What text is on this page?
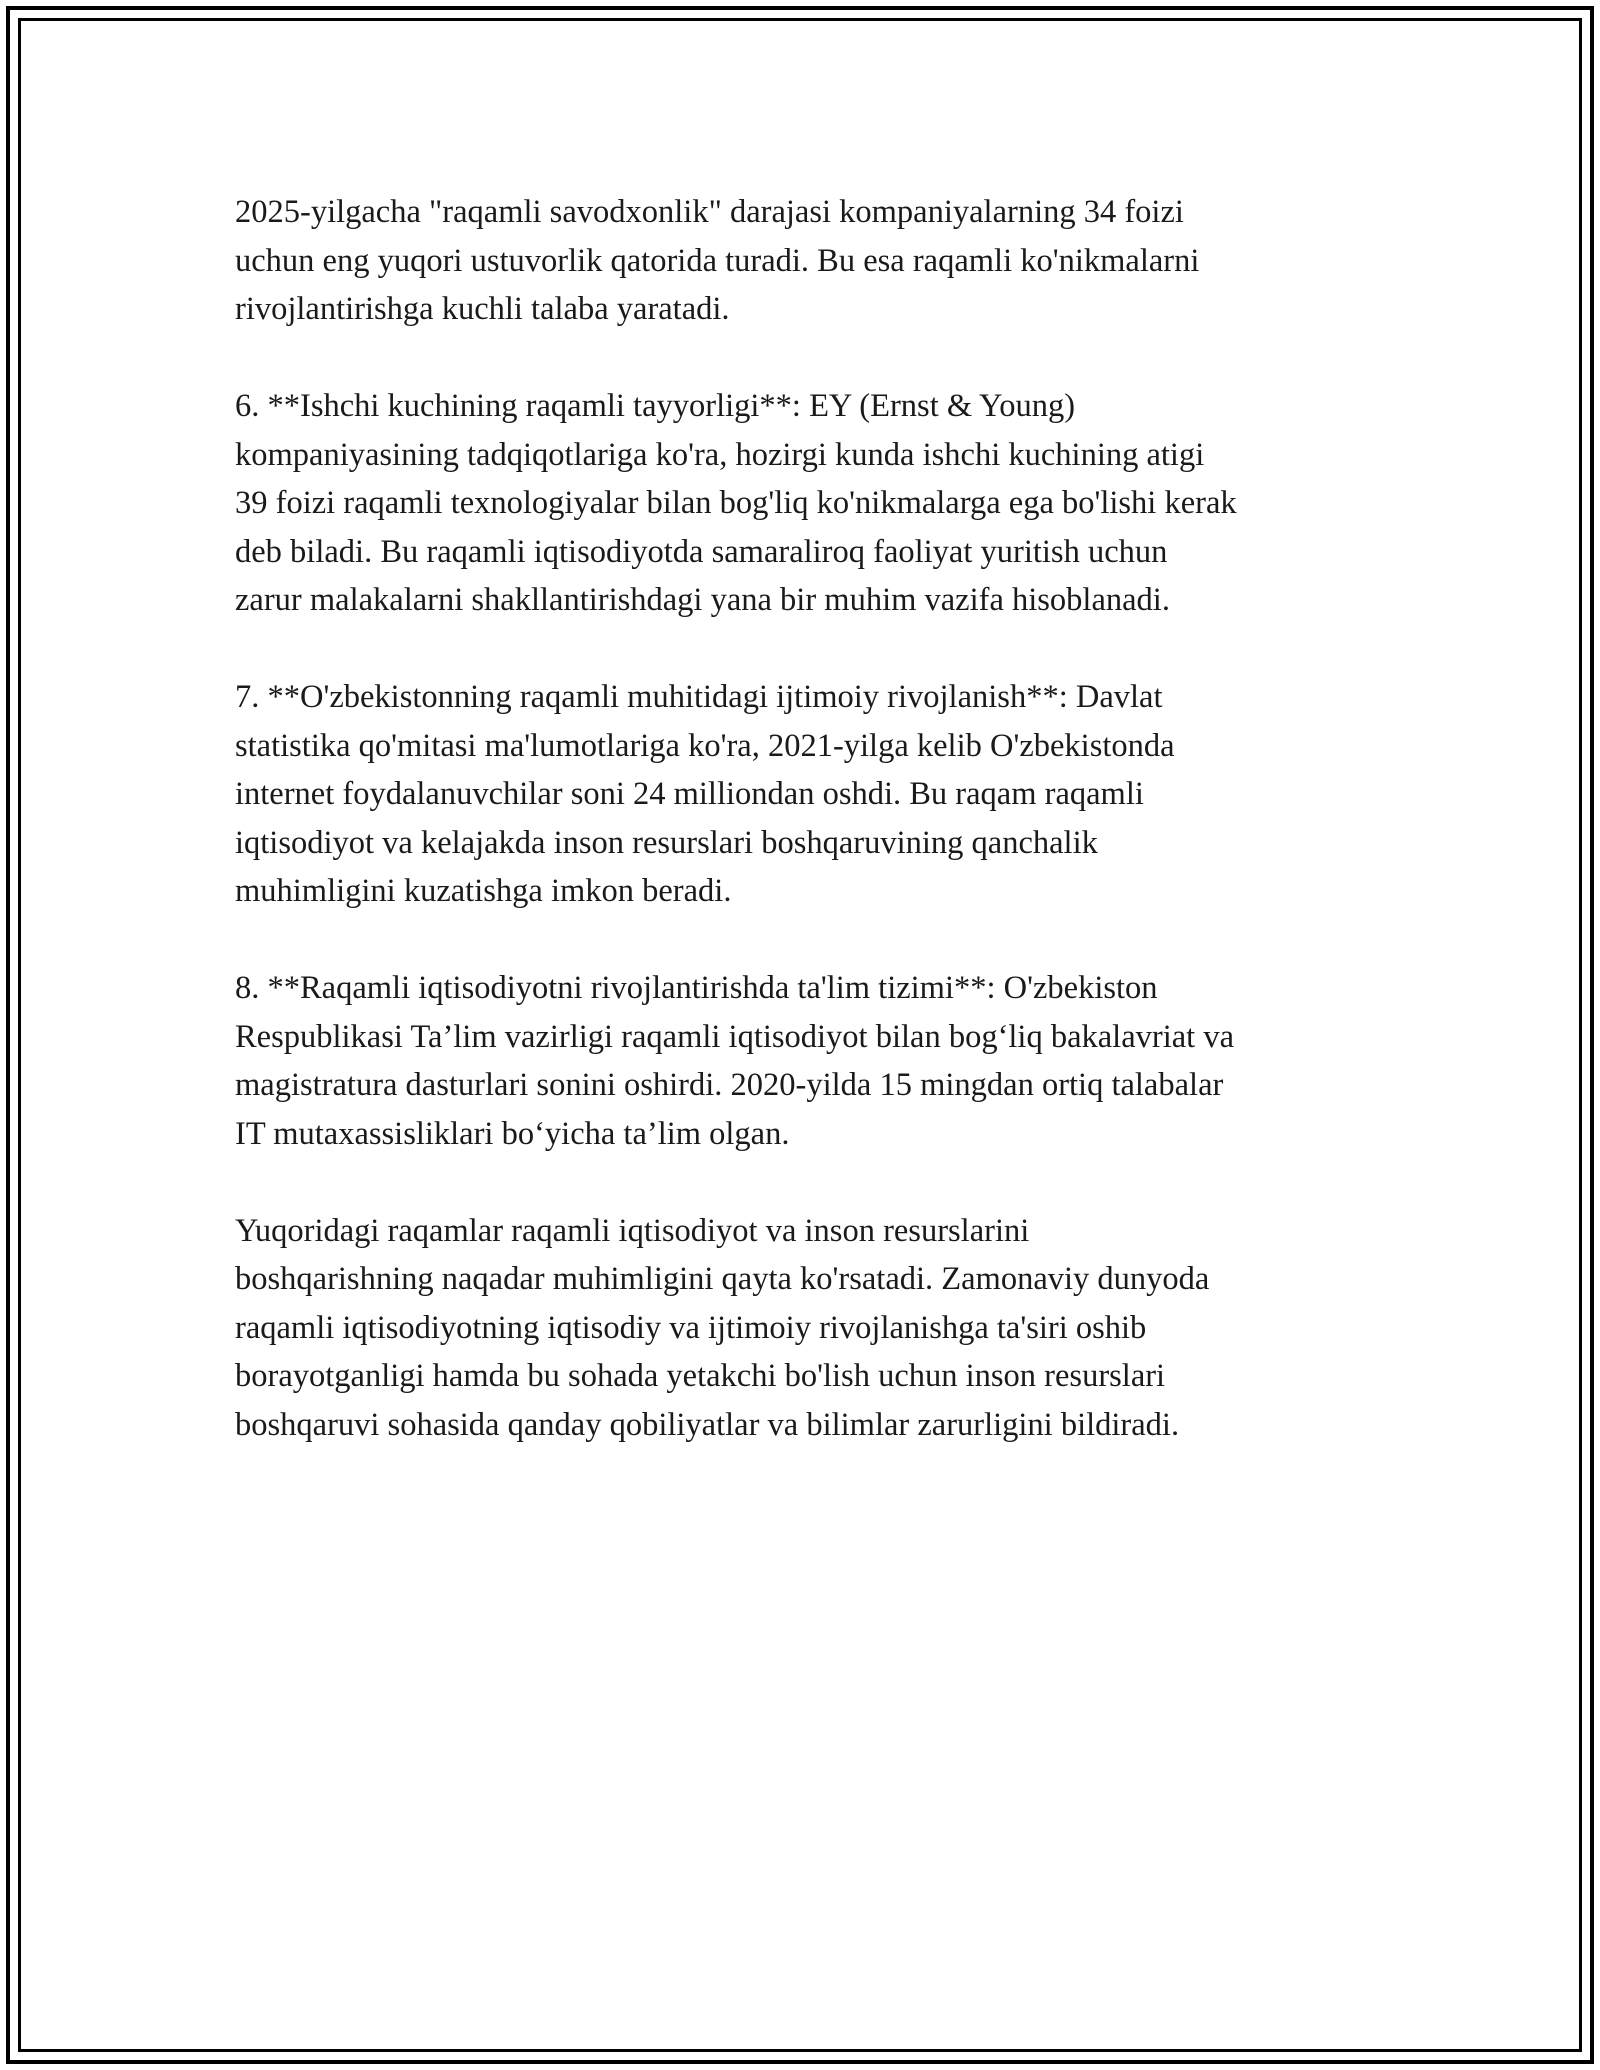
2025-yilgacha "raqamli savodxonlik" darajasi kompaniyalarning 34 foizi
uchun eng yuqori ustuvorlik qatorida turadi. Bu esa raqamli ko'nikmalarni
rivojlantirishga kuchli talaba yaratadi.

6. **Ishchi kuchining raqamli tayyorligi**: EY (Ernst & Young)
kompaniyasining tadqiqotlariga ko'ra, hozirgi kunda ishchi kuchining atigi
39 foizi raqamli texnologiyalar bilan bog'liq ko'nikmalarga ega bo'lishi kerak
deb biladi. Bu raqamli iqtisodiyotda samaraliroq faoliyat yuritish uchun
zarur malakalarni shakllantirishdagi yana bir muhim vazifa hisoblanadi.

7. **O'zbekistonning raqamli muhitidagi ijtimoiy rivojlanish**: Davlat
statistika qo'mitasi ma'lumotlariga ko'ra, 2021-yilga kelib O'zbekistonda
internet foydalanuvchilar soni 24 milliondan oshdi. Bu raqam raqamli
iqtisodiyot va kelajakda inson resurslari boshqaruvining qanchalik
muhimligini kuzatishga imkon beradi.

8. **Raqamli iqtisodiyotni rivojlantirishda ta'lim tizimi**: O'zbekiston
Respublikasi Ta’lim vazirligi raqamli iqtisodiyot bilan bog‘liq bakalavriat va
magistratura dasturlari sonini oshirdi. 2020-yilda 15 mingdan ortiq talabalar
IT mutaxassisliklari bo‘yicha ta’lim olgan.

Yuqoridagi raqamlar raqamli iqtisodiyot va inson resurslarini
boshqarishning naqadar muhimligini qayta ko'rsatadi. Zamonaviy dunyoda
raqamli iqtisodiyotning iqtisodiy va ijtimoiy rivojlanishga ta'siri oshib
borayotganligi hamda bu sohada yetakchi bo'lish uchun inson resurslari
boshqaruvi sohasida qanday qobiliyatlar va bilimlar zarurligini bildiradi.
